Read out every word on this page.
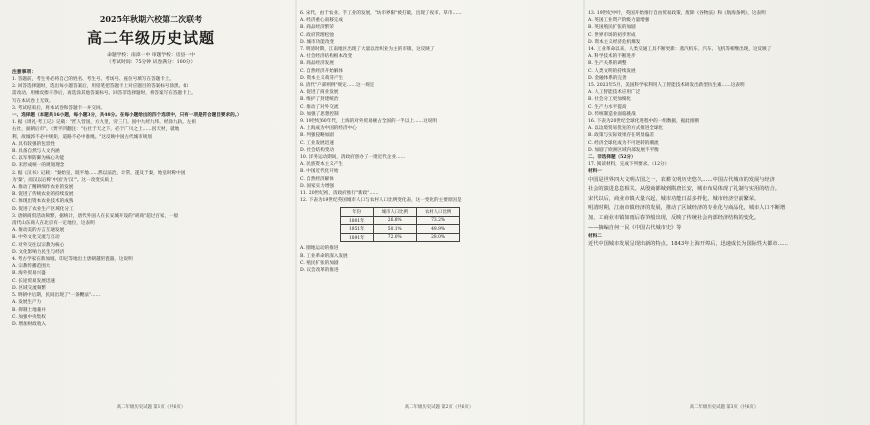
2025年秋期六校第二次联考

高二年级历史试题

命题学校：南漳一中 审题学校：房县一中

（考试时间：75分钟 试卷满分：100分）

注意事项：

1. 答题前，考生务必将自己的姓名、考生号、考场号、座位号填写在答题卡上。

2. 回答选择题时，选出每小题答案后，用铅笔把答题卡上对应题目的答案标号涂黑。如

需改动，用橡皮擦干净后，再选涂其他答案标号。回答非选择题时，将答案写在答题卡上。

写在本试卷上无效。

3. 考试结束后，将本试卷和答题卡一并交回。

一、选择题（本题共16小题，每小题3分，共48分。在每小题给出的四个选项中，只有一项是符合题目要求的。）

1. 据《周礼·考工记》记载："匠人营国，方九里，旁三门。国中九经九纬，经涂九轨。左祖

右社，面朝后市"。（贾平凹翻注："右社于天之下，必于广川之上……因天材，就地

利，故城郭不必中规矩，道路不必中准绳。"这反映中国古代城市规划

A. 具有较强的包容性

B. 具备自然与人文内涵

C. 以军事防御为核心功能

D. 未形成统一的规划理念

2. 据《汉书》记载："秦始皇，既平地……然以法治，计常，遂及于秦，始皇时称中国

为'秦'，而汉以后称'中国'为'汉'"。这一改变实质上

A. 推动了精耕细作农业的发展

B. 促进了传统农业的持续发展

C. 体现出资本农业技术的成熟

D. 促进了农业生产区域化分工

3. 唐朝商贸活动频繁，据统计，唐代外国人在长安城开设的"胡商"超过百家，一般

清代山东商人在北京有一定地位，这表明

A. 推动美的方言互通发展

B. 中外文化交流与互动

C. 对外交往以宗教为核心

D. 文化影响力民生与经济

4. 考古学家在新加坡、印尼等地出土唐朝越窑瓷器，这说明

A. 宗教传播范围大

B. 海外贸易兴盛

C. 长途贸易发展迅速

D. 区域交流频繁

5. 明朝中后期，民间出现了"一条鞭法"……

A. 发展生产力

B. 抑制土地兼并

C. 加强中央集权

D. 增加财政收入

高二年级历史试题 第1页（共6页）

6. 宋代，由于农业、手工业的发展，"坊市界限"被打破，出现了夜市、草市……

A. 经济重心南移完成

B. 商品经济繁荣

C. 政府管理松弛

D. 城市功能改变

7. 明清时期，江南地区出现了大量以丝织业为主的市镇，这反映了

A. 社会经济结构根本改变

B. 商品经济发展

C. 自然经济开始解体

D. 资本主义萌芽产生

8. 清代"户部则例"规定……这一规定

A. 促进了商业发展

B. 维护了封建统治

C. 推动了对外交流

D. 加强了思想控制

9. 19世纪60年代，上海的对外贸易额占全国的一半以上……这说明

A. 上海成为中国的经济中心

B. 列强侵略加剧

C. 工业发展迅速

D. 社会结构变动

10. 洋务运动期间，清政府创办了一批近代企业……

A. 民族资本主义产生

B. 中国近代化开始

C. 自然经济解体

D. 国家实力增强

11. 20世纪初，清政府推行"新政"……

12. 下表为19世纪英国城市人口与农村人口比例变化表，这一变化的主要原因是

年份	城市人口比例	农村人口比例
1801年	26.8%	73.2%
1851年	50.1%	49.9%
1891年	72.0%	28.0%

A. 圈地运动的推进

B. 工业革命的深入发展

C. 殖民扩张的加剧

D. 议会改革的推进

高二年级历史试题 第2页（共6页）

13. 19世纪中叶，英国开始推行自由贸易政策，废除《谷物法》和《航海条例》，这表明

A. 英国工业资产阶级力量增强

B. 英国殖民扩张的加剧

C. 世界市场的初步形成

D. 资本主义经济危机爆发

14. 工业革命以来，人类交通工具不断更新：蒸汽机车、汽车、飞机等相继出现，这反映了

A. 科学技术的不断进步

B. 生产关系的调整

C. 人类文明的持续发展

D. 金融体系的完善

15. 2023年5月，美国科学家利用人工智能技术研发出新型抗生素……这表明

A. 人工智能技术应用广泛

B. 社会分工更加细化

C. 生产力水平提高

D. 传统制造业面临挑战

16. 下表为20世纪全球化进程中的一组数据，据此推断

A. 以边境贸易优先的方式推进全球化

B. 政策与实际效果存在明显偏差

C. 经济全球化成为不可逆转的潮流

D. 加剧了欧洲区域内部发展不平衡

二、非选择题（52分）

17. 阅读材料，完成下列要求。（12分）

材料一

中国是世界四大文明古国之一，农耕文明历史悠久……中国古代城市的发展与经济

社会的演进息息相关。从殷商都城到隋唐长安，城市布局体现了礼制与实用的结合。

宋代以后，商业市镇大量兴起，城市功能日益多样化，城市经济空前繁荣。

明清时期，江南市镇经济的发展，推动了区域经济的专业化与商品化，城市人口不断增

加，工商业市镇如雨后春笋般出现，反映了传统社会内部经济结构的变化。

——摘编自何一民《中国古代城市史》等

材料二

近代中国城市发展呈现出新的特点。1843年上海开埠后，迅速成长为国际性大都市……

高二年级历史试题 第3页（共6页）
